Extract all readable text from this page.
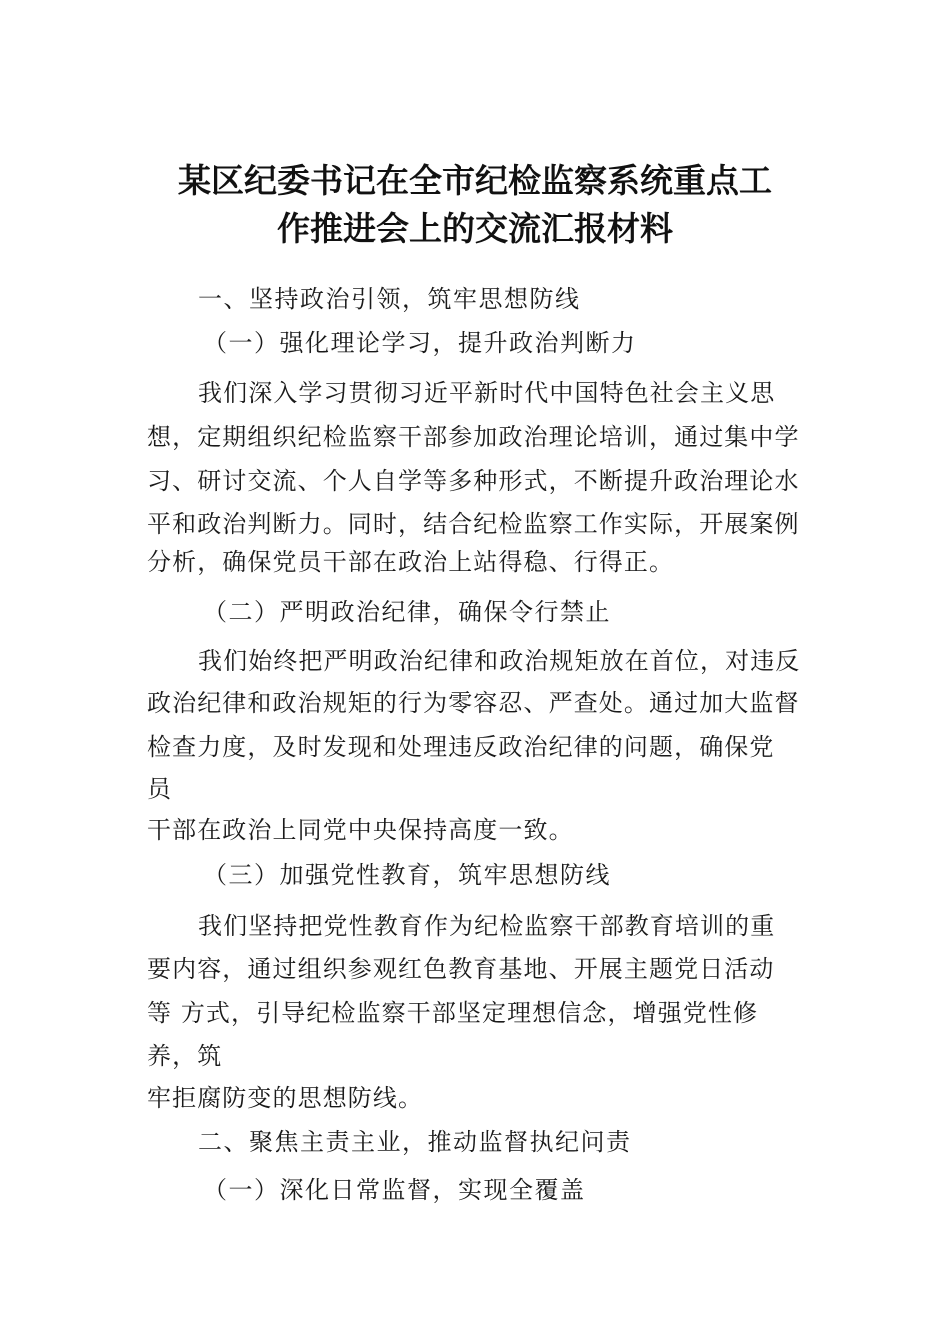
某区纪委书记在全市纪检监察系统重点工
作推进会上的交流汇报材料

一、坚持政治引领，筑牢思想防线

（一）强化理论学习，提升政治判断力

我们深入学习贯彻习近平新时代中国特色社会主义思

想，定期组织纪检监察干部参加政治理论培训，通过集中学

习、研讨交流、个人自学等多种形式，不断提升政治理论水

平和政治判断力。同时，结合纪检监察工作实际，开展案例

分析，确保党员干部在政治上站得稳、行得正。

（二）严明政治纪律，确保令行禁止

我们始终把严明政治纪律和政治规矩放在首位，对违反

政治纪律和政治规矩的行为零容忍、严查处。通过加大监督

检查力度，及时发现和处理违反政治纪律的问题，确保党

员

干部在政治上同党中央保持高度一致。

（三）加强党性教育，筑牢思想防线

我们坚持把党性教育作为纪检监察干部教育培训的重

要内容，通过组织参观红色教育基地、开展主题党日活动

等 方式，引导纪检监察干部坚定理想信念，增强党性修

养，筑

牢拒腐防变的思想防线。

二、聚焦主责主业，推动监督执纪问责

（一）深化日常监督，实现全覆盖
